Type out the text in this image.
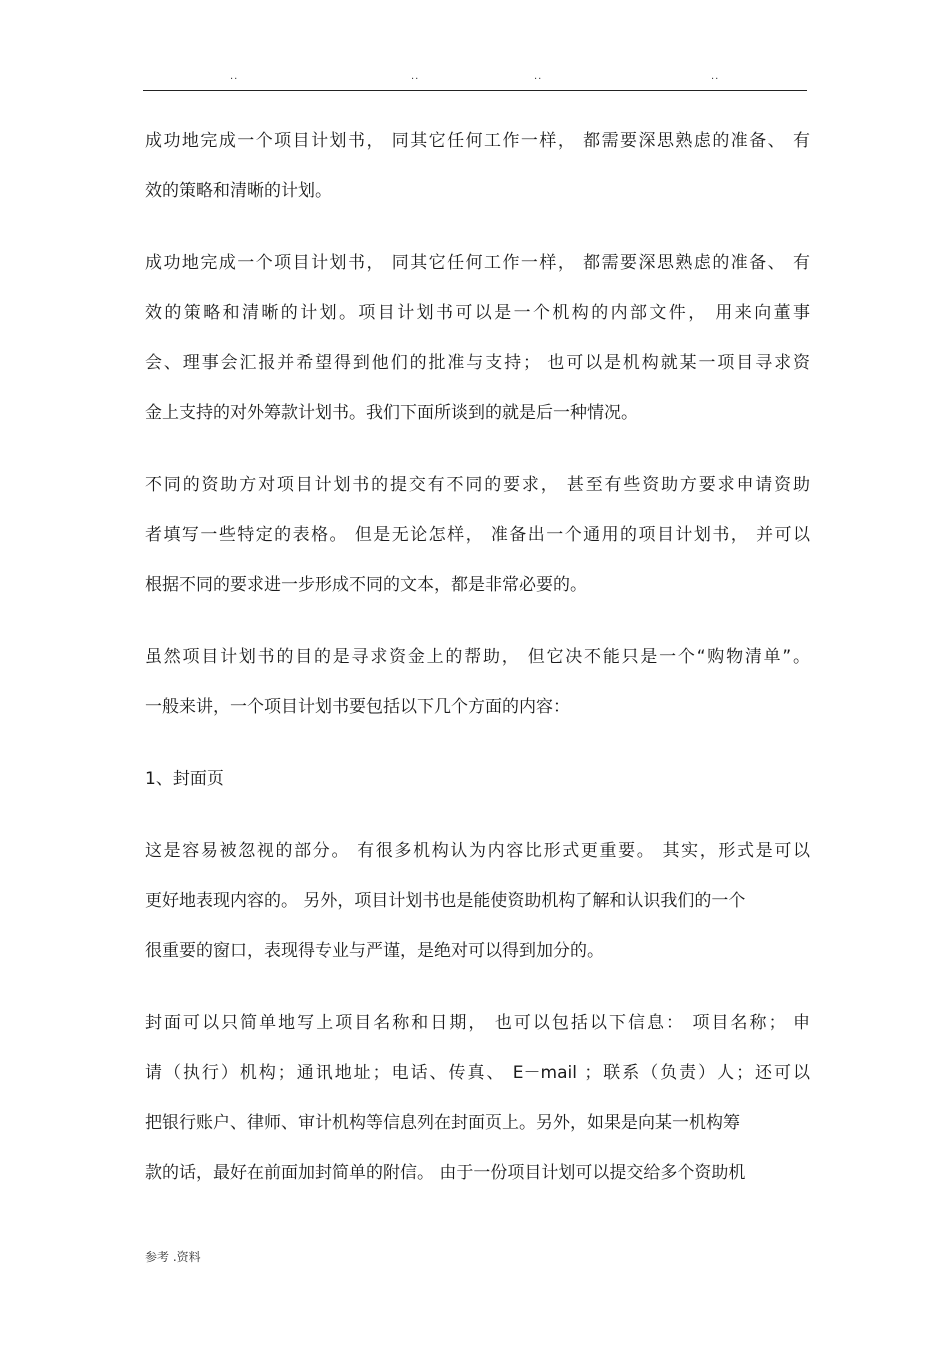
..	..	..	..
成功地完成一个项目计划书， 同其它任何工作一样， 都需要深思熟虑的准备、 有
效的策略和清晰的计划。
成功地完成一个项目计划书， 同其它任何工作一样， 都需要深思熟虑的准备、 有
效的策略和清晰的计划。项目计划书可以是一个机构的内部文件， 用来向董事
会、理事会汇报并希望得到他们的批准与支持； 也可以是机构就某一项目寻求资
金上支持的对外筹款计划书。我们下面所谈到的就是后一种情况。
不同的资助方对项目计划书的提交有不同的要求， 甚至有些资助方要求申请资助
者填写一些特定的表格。 但是无论怎样， 准备出一个通用的项目计划书， 并可以
根据不同的要求进一步形成不同的文本，都是非常必要的。
虽然项目计划书的目的是寻求资金上的帮助， 但它决不能只是一个“购物清单”。
一般来讲，一个项目计划书要包括以下几个方面的内容：
1、封面页
这是容易被忽视的部分。 有很多机构认为内容比形式更重要。 其实，形式是可以
更好地表现内容的。 另外，项目计划书也是能使资助机构了解和认识我们的一个
很重要的窗口，表现得专业与严谨，是绝对可以得到加分的。
封面可以只简单地写上项目名称和日期， 也可以包括以下信息： 项目名称； 申
请（执行）机构；通讯地址；电话、传真、 E－mail ；联系（负责）人；还可以
把银行账户、律师、审计机构等信息列在封面页上。另外，如果是向某一机构筹
款的话，最好在前面加封简单的附信。 由于一份项目计划可以提交给多个资助机
参考 .资料
